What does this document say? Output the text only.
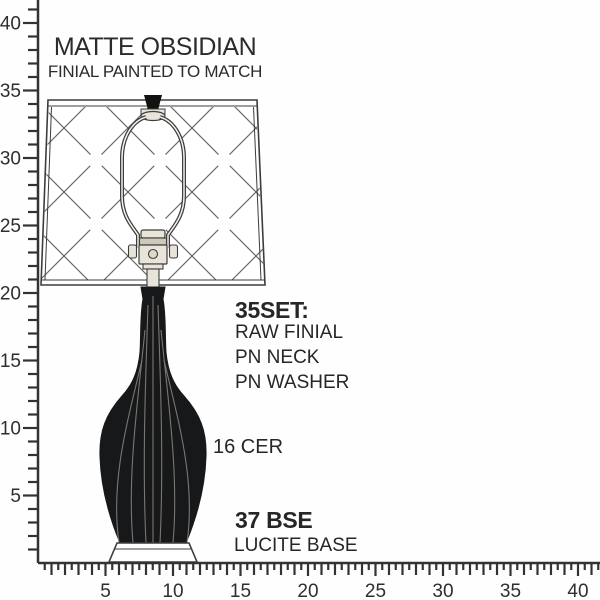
5
10
15
20
25
30
35
40
5	10 15 20 25 30 35 40
MATTE OBSIDIAN
FINIAL PAINTED TO MATCH
35SET:
RAW FINIAL
PN NECK
PN WASHER
16 CER
37 BSE
LUCITE BASE
